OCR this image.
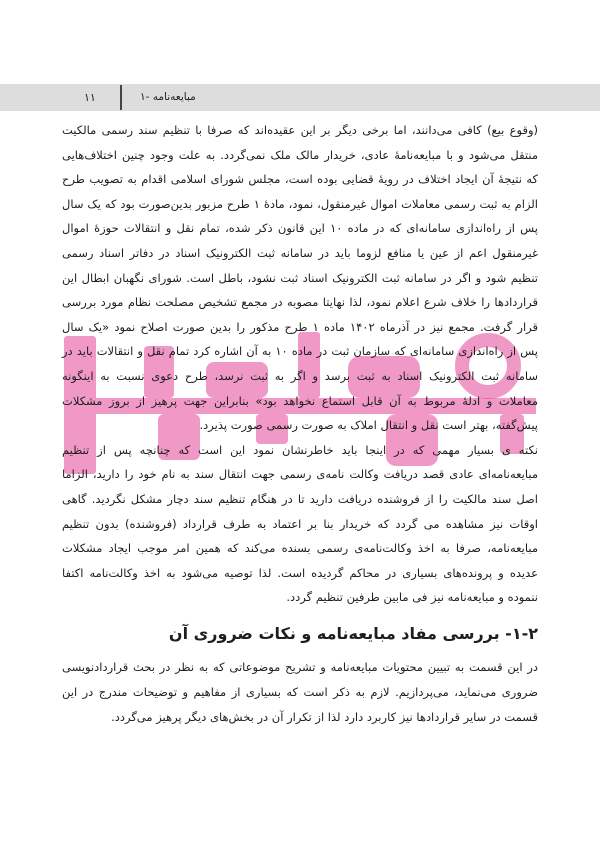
۱۱	۱- مبایعه‌نامه
(وقوع بیع) کافی می‌دانند، اما برخی دیگر بر این عقیده‌اند که صرفا با تنظیم سند رسمی مالکیت
منتقل می‌شود و با مبایعه‌نامهٔ عادی، خریدار مالک ملک نمی‌گردد. به علت وجود چنین اختلاف‌هایی
که نتیجهٔ آن ایجاد اختلاف در رویهٔ قضایی بوده است، مجلس شورای اسلامی اقدام به تصویب طرح
الزام به ثبت رسمی معاملات اموال غیرمنقول، نمود، مادهٔ ۱ طرح مزبور بدین‌صورت بود که یک سال
پس از راه‌اندازی سامانه‌ای که در ماده ۱۰ این قانون ذکر شده، تمام نقل و انتقالات حوزهٔ اموال
غیرمنقول اعم از عین یا منافع لزوما باید در سامانه ثبت الکترونیک اسناد در دفاتر اسناد رسمی
تنظیم شود و اگر در سامانه ثبت الکترونیک اسناد ثبت نشود، باطل است. شورای نگهبان ابطال این
قراردادها را خلاف شرع اعلام نمود، لذا نهایتا مصوبه در مجمع تشخیص مصلحت نظام مورد بررسی
قرار گرفت. مجمع نیز در آذرماه ۱۴۰۲ ماده ۱ طرح مذکور را بدین صورت اصلاح نمود «یک سال
پس از راه‌اندازی سامانه‌ای که سازمان ثبت در ماده ۱۰ به آن اشاره کرد تمام نقل و انتقالات باید در
سامانه ثبت الکترونیک اسناد به ثبت برسد و اگر به ثبت نرسد، طرح دعوی نسبت به اینگونه
معاملات و ادلهٔ مربوط به آن قابل استماع نخواهد بود» بنابراین جهت پرهیز از بروز مشکلات
پیش‌گفته، بهتر است نقل و انتقال املاک به صورت رسمی صورت پذیرد.
نکته ی بسیار مهمی که در اینجا باید خاطرنشان نمود این است که چنانچه پس از تنظیم
مبایعه‌نامه‌ای عادی قصد دریافت وکالت نامه‌ی رسمی جهت انتقال سند به نام خود را دارید، الزاما
اصل سند مالکیت را از فروشنده دریافت دارید تا در هنگام تنظیم سند دچار مشکل نگردید. گاهی
اوقات نیز مشاهده می گردد که خریدار بنا بر اعتماد به طرف قرارداد (فروشنده) بدون تنظیم
مبایعه‌نامه، صرفا به اخذ وکالت‌نامه‌ی رسمی بسنده می‌کند که همین امر موجب ایجاد مشکلات
عدیده و پرونده‌های بسیاری در محاکم گردیده است. لذا توصیه می‌شود به اخذ وکالت‌نامه اکتفا
ننموده و مبایعه‌نامه نیز فی مابین طرفین تنظیم گردد.
۱-۲- بررسی مفاد مبایعه‌نامه و نکات ضروری آن
در این قسمت به تبیین محتویات مبایعه‌نامه و تشریح موضوعاتی که به نظر در بحث قراردادنویسی
ضروری می‌نماید، می‌پردازیم. لازم به ذکر است که بسیاری از مفاهیم و توضیحات مندرج در این
قسمت در سایر قراردادها نیز کاربرد دارد لذا از تکرار آن در بخش‌های دیگر پرهیز می‌گردد.
